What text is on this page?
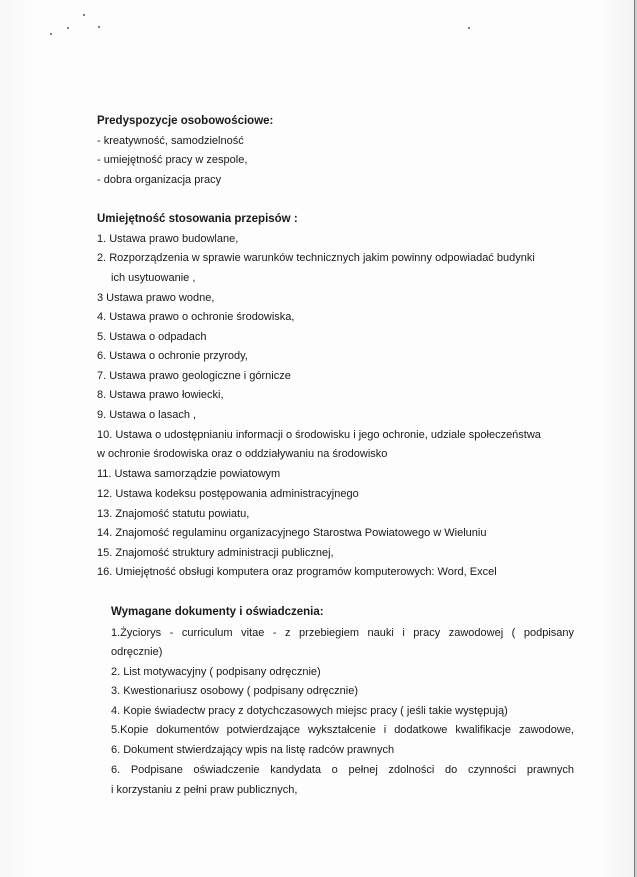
Predyspozycje osobowościowe:
- kreatywność, samodzielność
- umiejętność pracy w zespole,
- dobra organizacja pracy
Umiejętność stosowania przepisów :
1. Ustawa prawo budowlane,
2. Rozporządzenia w sprawie warunków technicznych jakim powinny odpowiadać budynki
ich usytuowanie ,
3 Ustawa prawo wodne,
4. Ustawa prawo o ochronie środowiska,
5. Ustawa o odpadach
6. Ustawa o ochronie przyrody,
7. Ustawa prawo geologiczne i górnicze
8. Ustawa prawo łowiecki,
9. Ustawa o lasach ,
10. Ustawa o udostępnianiu informacji o środowisku i jego ochronie, udziale społeczeństwa
w ochronie środowiska oraz o oddziaływaniu na środowisko
11. Ustawa samorządzie powiatowym
12. Ustawa kodeksu postępowania administracyjnego
13. Znajomość statutu powiatu,
14. Znajomość regulaminu organizacyjnego Starostwa Powiatowego w Wieluniu
15. Znajomość struktury administracji publicznej,
16. Umiejętność obsługi komputera oraz programów komputerowych: Word, Excel
Wymagane dokumenty i oświadczenia:
1.Życiorys - curriculum vitae - z przebiegiem nauki i pracy zawodowej ( podpisany
odręcznie)
2. List motywacyjny ( podpisany odręcznie)
3. Kwestionariusz osobowy ( podpisany odręcznie)
4. Kopie świadectw pracy z dotychczasowych miejsc pracy ( jeśli takie występują)
5.Kopie dokumentów potwierdzające wykształcenie i dodatkowe kwalifikacje zawodowe,
6. Dokument stwierdzający wpis na listę radców prawnych
6. Podpisane oświadczenie kandydata o pełnej zdolności do czynności prawnych
i korzystaniu z pełni praw publicznych,
